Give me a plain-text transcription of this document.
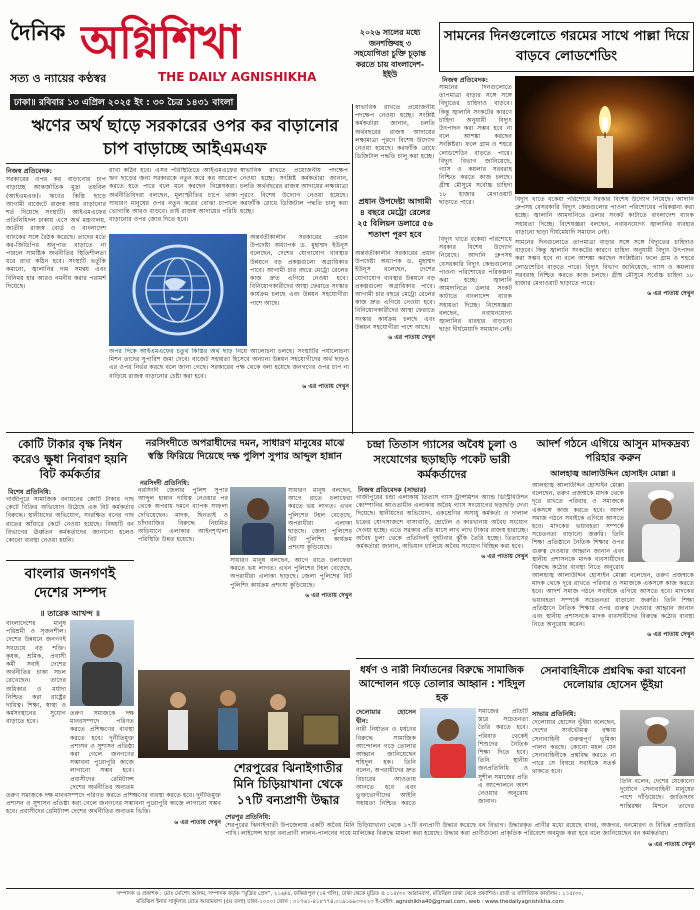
দৈনিক অগ্নিশিখা
সত্য ও ন্যায়ের কণ্ঠস্বর	THE DAILY AGNISHIKHA
ঢাকা॥ রবিবার ১৩ এপ্রিল ২০২৫ ইং : ৩০ চৈত্র ১৪৩১ বাংলা
২০২৬ সালের মধ্যে জনশক্তিবহ ৩ সহযোগিতা চুক্তি চূড়ান্ত করতে চায় বাংলাদেশ-ইইউ
ঋণের অর্থ ছাড়ে সরকারের ওপর কর বাড়ানোর চাপ বাড়াচ্ছে আইএমএফ
নিজস্ব প্রতিবেদক:
সরকারের ওপর কর বাড়ানোর চাপ বাড়াচ্ছে আন্তর্জাতিক মুদ্রা তহবিল (আইএমএফ)। ঋণের কিস্তি ছাড়ে আগামী বাজেটে রাজস্ব আয় বাড়ানোর শর্ত দিয়েছে সংস্থাটি। আইএমএফের প্রতিনিধিদল ঢাকায় এসে অর্থ মন্ত্রণালয়, জাতীয় রাজস্ব বোর্ড ও বাংলাদেশ ব্যাংকের সঙ্গে বৈঠক করেছে। তাদের মতে কর-জিডিপির অনুপাত বাড়াতে না পারলে সামষ্টিক অর্থনীতির স্থিতিশীলতা ধরে রাখা কঠিন হবে। সংস্থাটি ভর্তুকি কমানো, জ্বালানির দাম সমন্বয় এবং বিনিময় হার আরও নমনীয় করার পরামর্শ দিয়েছে।
রাখা কঠিন হবে। এসব পরিস্থিতিতে আইএমএফের ঋণ ছাড়ের জন্য সরকারকে নতুন করে কর আরোপ করতে হতে পারে বলে মনে করছেন বিশ্লেষকরা। অর্থনীতিবিদরা বলছেন, মূল্যস্ফীতির চাপে থাকা সাধারণ মানুষের ওপর নতুন করের বোঝা চাপালে ভোগান্তি আরও বাড়বে। তাই রাজস্ব আদায়ের পরিধি বাড়ানোর ওপর জোর দিতে হবে।
স্বাভাবিক রাখতে প্রয়োজনীয় পদক্ষেপ নেওয়া হচ্ছে। সংশ্লিষ্ট কর্মকর্তারা জানান, চলতি অর্থবছরের রাজস্ব আদায়ের লক্ষ্যমাত্রা পূরণে বিশেষ উদ্যোগ নেওয়া হয়েছে। করফাঁকি রোধে ডিজিটাল পদ্ধতি চালু করা হচ্ছে।
অন্তর্বর্তীকালীন সরকারের প্রধান উপদেষ্টা অধ্যাপক ড. মুহাম্মদ ইউনূস বলেছেন, দেশের যোগাযোগ ব্যবস্থার উন্নয়নে বড় প্রকল্পগুলো অগ্রাধিকার পাবে। আগামী চার বছরে মেট্রো রেলের কাজ দ্রুত এগিয়ে নেওয়া হবে। বিনিয়োগকারীদের আস্থা ফেরাতে সংস্কার কার্যক্রম চলছে এবং উন্নয়ন সহযোগীরা পাশে আছে।
অপর দিকে আইএমএফের চতুর্থ কিস্তির অর্থ ছাড় নিয়ে আলোচনা চলছে। সংস্থাটির পর্যালোচনা মিশন তাদের সুপারিশ জমা দেবে। বাজেট সহায়তা হিসেবে অন্যান্য উন্নয়ন সহযোগীদের অর্থ ছাড়ও এর ওপর নির্ভর করছে বলে জানা গেছে। সরকারের পক্ষ থেকে বলা হয়েছে জনগণের ওপর চাপ না বাড়িয়ে রাজস্ব বাড়ানোর চেষ্টা করা হবে।
৬ এর পাতায় দেখুন
স্বাভাবিক রাখতে প্রয়োজনীয় পদক্ষেপ নেওয়া হচ্ছে। সংশ্লিষ্ট কর্মকর্তারা জানান, চলতি অর্থবছরের রাজস্ব আদায়ের লক্ষ্যমাত্রা পূরণে বিশেষ উদ্যোগ নেওয়া হয়েছে। করফাঁকি রোধে ডিজিটাল পদ্ধতি চালু করা হচ্ছে।
প্রধান উপদেষ্টা আগামী ৪ বছরে মেট্রো রেলের ২৫ বিলিয়ন ডলারে ৫৬ শতাংশ পূরণ হবে
অন্তর্বর্তীকালীন সরকারের প্রধান উপদেষ্টা অধ্যাপক ড. মুহাম্মদ ইউনূস বলেছেন, দেশের যোগাযোগ ব্যবস্থার উন্নয়নে বড় প্রকল্পগুলো অগ্রাধিকার পাবে। আগামী চার বছরে মেট্রো রেলের কাজ দ্রুত এগিয়ে নেওয়া হবে। বিনিয়োগকারীদের আস্থা ফেরাতে সংস্কার কার্যক্রম চলছে এবং উন্নয়ন সহযোগীরা পাশে আছে।
৬ এর পাতায় দেখুন
সামনের দিনগুলোতে গরমের সাথে পাল্লা দিয়ে বাড়বে লোডশেডিং
নিজস্ব প্রতিবেদক:
সামনের দিনগুলোতে তাপমাত্রা বাড়ার সঙ্গে সঙ্গে বিদ্যুতের চাহিদাও বাড়বে। কিন্তু জ্বালানি সংকটের কারণে চাহিদা অনুযায়ী বিদ্যুৎ উৎপাদন করা সম্ভব হবে না বলে আশঙ্কা করছেন সংশ্লিষ্টরা। ফলে গ্রাম ও শহরে লোডশেডিং বাড়তে পারে। বিদ্যুৎ বিভাগ জানিয়েছে, গ্যাস ও কয়লার সরবরাহ নিশ্চিত করতে কাজ চলছে। গ্রীষ্ম মৌসুমে সর্বোচ্চ চাহিদা ১৮ হাজার মেগাওয়াট ছাড়াতে পারে।	বিদ্যুৎ খাতে বকেয়া পরিশোধে সরকার বিশেষ উদ্যোগ নিয়েছে। আদানি গ্রুপসহ বেসরকারি বিদ্যুৎ কেন্দ্রগুলোর পাওনা পরিশোধের পরিকল্পনা করা হচ্ছে। জ্বালানি আমদানিতে ডলার সংকট কাটাতে বাংলাদেশ ব্যাংক সহায়তা দিচ্ছে। বিশেষজ্ঞরা বলছেন, নবায়নযোগ্য জ্বালানির ব্যবহার বাড়ানো ছাড়া দীর্ঘমেয়াদি সমাধান নেই।
সামনের দিনগুলোতে তাপমাত্রা বাড়ার সঙ্গে সঙ্গে বিদ্যুতের চাহিদাও বাড়বে। কিন্তু জ্বালানি সংকটের কারণে চাহিদা অনুযায়ী বিদ্যুৎ উৎপাদন করা সম্ভব হবে না বলে আশঙ্কা করছেন সংশ্লিষ্টরা। ফলে গ্রাম ও শহরে লোডশেডিং বাড়তে পারে। বিদ্যুৎ বিভাগ জানিয়েছে, গ্যাস ও কয়লার সরবরাহ নিশ্চিত করতে কাজ চলছে। গ্রীষ্ম মৌসুমে সর্বোচ্চ চাহিদা ১৮ হাজার মেগাওয়াট ছাড়াতে পারে।
৬ এর পাতায় দেখুন
বিদ্যুৎ খাতে বকেয়া পরিশোধে সরকার বিশেষ উদ্যোগ নিয়েছে। আদানি গ্রুপসহ বেসরকারি বিদ্যুৎ কেন্দ্রগুলোর পাওনা পরিশোধের পরিকল্পনা করা হচ্ছে। জ্বালানি আমদানিতে ডলার সংকট কাটাতে বাংলাদেশ ব্যাংক সহায়তা দিচ্ছে। বিশেষজ্ঞরা বলছেন, নবায়নযোগ্য জ্বালানির ব্যবহার বাড়ানো ছাড়া দীর্ঘমেয়াদি সমাধান নেই।
কোটি টাকার বৃক্ষ নিধন করেও ক্ষুধা নিবারণ হয়নি বিট কর্মকর্তার
বিশেষ প্রতিনিধি:
গাজীপুরে সামাজিক বনায়নের কোটি টাকার গাছ কেটে বিক্রির অভিযোগ উঠেছে এক বিট কর্মকর্তার বিরুদ্ধে। স্থানীয়দের অভিযোগ, সংরক্ষিত বনের গাছ রাতের আঁধারে কেটে নেওয়া হয়েছে। বিষয়টি বন বিভাগের ঊর্ধ্বতন কর্মকর্তাদের জানানো হলেও কোনো ব্যবস্থা নেওয়া হয়নি।
নরসিংদীতে অপরাধীদের দমন, সাধারণ মানুষের মাঝে স্বস্তি ফিরিয়ে দিয়েছে দক্ষ পুলিশ সুপার আব্দুল হান্নান
নরসিংদী প্রতিনিধি:
নরসিংদী জেলার পুলিশ সুপার আব্দুল হান্নান দায়িত্ব নেওয়ার পর থেকে অপরাধ দমনে ব্যাপক সাফল্য দেখিয়েছেন। মাদক, ছিনতাই ও চাঁদাবাজির বিরুদ্ধে নিয়মিত অভিযানে এলাকার আইনশৃঙ্খলা পরিস্থিতি উন্নত হয়েছে।
সাধারণ মানুষ বলছেন, আগে রাতে চলাফেরা করতে ভয় লাগত। এখন পুলিশের টহল বেড়েছে, অপরাধীরা এলাকা ছাড়ছে। জেলা পুলিশের বিট পুলিশিং কার্যক্রম প্রশংসা কুড়িয়েছে।
৬ এর পাতায় দেখুন
সাধারণ মানুষ বলছেন, আগে রাতে চলাফেরা করতে ভয় লাগত। এখন পুলিশের টহল বেড়েছে, অপরাধীরা এলাকা ছাড়ছে। জেলা পুলিশের বিট পুলিশিং কার্যক্রম প্রশংসা কুড়িয়েছে।
চন্দ্রা তিতাস গ্যাসের অবৈধ চুলা ও সংযোগের ছড়াছড়ি পকেট ভারী কর্মকর্তাদের
নিজস্ব প্রতিবেদক (সাভার)
গাজীপুরের চন্দ্রা এলাকায় তিতাস গ্যাস ট্রান্সমিশন অ্যান্ড ডিস্ট্রিবিউশন কোম্পানির আওতাধীন এলাকায় অবৈধ গ্যাস সংযোগের ছড়াছড়ি দেখা দিয়েছে। স্থানীয়দের অভিযোগ, একশ্রেণির অসাধু কর্মকর্তা ও দালাল চক্রের যোগসাজশে বাসাবাড়ি, হোটেল ও কারখানায় অবৈধ সংযোগ দেওয়া হচ্ছে। এতে সরকার প্রতি মাসে লাখ লাখ টাকার রাজস্ব হারাচ্ছে। অবৈধ চুলা থেকে প্রতিদিনই দুর্ঘটনার ঝুঁকি তৈরি হচ্ছে। তিতাসের কর্মকর্তারা জানান, অভিযান চালিয়ে অবৈধ সংযোগ বিচ্ছিন্ন করা হবে।
৬ এর পাতায় দেখুন
আদর্শ গঠনে এগিয়ে আসুন মাদকদ্রব্য পরিহার করুন
আলহাজ্ব আলাউদ্দিন হোসাইন মোল্লা ॥
আলহাজ্ব আলাউদ্দিন হোসাইন মোল্লা বলেছেন, তরুণ প্রজন্মকে মাদক থেকে দূরে রাখতে পরিবার ও সমাজকে একসঙ্গে কাজ করতে হবে। আদর্শ সমাজ গঠনে সবাইকে এগিয়ে আসতে হবে। মাদকের ভয়াবহতা সম্পর্কে সচেতনতা বাড়ানো জরুরি। তিনি শিক্ষা প্রতিষ্ঠানে নৈতিক শিক্ষার ওপর গুরুত্ব দেওয়ার আহ্বান জানান এবং স্থানীয় প্রশাসনকে মাদক ব্যবসায়ীদের বিরুদ্ধে কঠোর ব্যবস্থা নিতে অনুরোধ
আলহাজ্ব আলাউদ্দিন হোসাইন মোল্লা বলেছেন, তরুণ প্রজন্মকে মাদক থেকে দূরে রাখতে পরিবার ও সমাজকে একসঙ্গে কাজ করতে হবে। আদর্শ সমাজ গঠনে সবাইকে এগিয়ে আসতে হবে। মাদকের ভয়াবহতা সম্পর্কে সচেতনতা বাড়ানো জরুরি। তিনি শিক্ষা প্রতিষ্ঠানে নৈতিক শিক্ষার ওপর গুরুত্ব দেওয়ার আহ্বান জানান এবং স্থানীয় প্রশাসনকে মাদক ব্যবসায়ীদের বিরুদ্ধে কঠোর ব্যবস্থা নিতে অনুরোধ করেন।
৬ এর পাতায় দেখুন
বাংলার জনগণই দেশের সম্পদ
॥ তারেক আখন্দ ॥
বাংলাদেশের মানুষ পরিশ্রমী ও সৃজনশীল। দেশের উন্নয়নে জনগণই সবচেয়ে বড় শক্তি। কৃষক, শ্রমিক, প্রবাসী কর্মী সবাই দেশের অর্থনীতির চাকা সচল রেখেছেন। তাদের অধিকার ও মর্যাদা নিশ্চিত করা রাষ্ট্রের দায়িত্ব। শিক্ষা, স্বাস্থ্য ও কর্মসংস্থানের সুযোগ বাড়াতে হবে।
তরুণ সমাজকে দক্ষ মানবসম্পদে পরিণত করতে প্রশিক্ষণের ব্যবস্থা করতে হবে। দুর্নীতিমুক্ত প্রশাসন ও সুশাসন প্রতিষ্ঠা করা গেলে জনগণের সম্ভাবনা পুরোপুরি কাজে লাগানো সম্ভব হবে। প্রবাসীদের রেমিট্যান্স দেশের অর্থনীতির অন্যতম ভিত্তি।
৬ এর পাতায় দেখুন
তরুণ সমাজকে দক্ষ মানবসম্পদে পরিণত করতে প্রশিক্ষণের ব্যবস্থা করতে হবে। দুর্নীতিমুক্ত প্রশাসন ও সুশাসন প্রতিষ্ঠা করা গেলে জনগণের সম্ভাবনা পুরোপুরি কাজে লাগানো সম্ভব হবে। প্রবাসীদের রেমিট্যান্স দেশের অর্থনীতির অন্যতম
শেরপুরের ঝিনাইগাতীর মিনি চিড়িয়াখানা থেকে ১৭টি বন্যপ্রাণী উদ্ধার
শেরপুর প্রতিনিধি:
শেরপুরের ঝিনাইগাতী উপজেলায় একটি অবৈধ মিনি চিড়িয়াখানা থেকে ১৭টি বন্যপ্রাণী উদ্ধার করেছে বন বিভাগ। উদ্ধারকৃত প্রাণীর মধ্যে রয়েছে বানর, অজগর, বনমোরগ ও বিভিন্ন প্রজাতির পাখি। লাইসেন্স ছাড়া বন্যপ্রাণী লালন-পালনের দায়ে মালিকের বিরুদ্ধে মামলা করা হয়েছে। উদ্ধার করা প্রাণীগুলো প্রাকৃতিক পরিবেশে অবমুক্ত করা হবে বলে জানিয়েছেন বন কর্মকর্তারা।
৬ এর পাতায় দেখুন
ধর্ষণ ও নারী নির্যাতনের বিরুদ্ধে সামাজিক আন্দোলন গড়ে তোলার আহ্বান : শহিদুল হক
দেলোয়ার হোসেন দ্বীন:
নারী নির্যাতন ও ধর্ষণের বিরুদ্ধে সামাজিক আন্দোলন গড়ে তোলার আহ্বান জানিয়েছেন শহিদুল হক। তিনি বলেন, অপরাধীদের দ্রুত বিচারের আওতায় আনতে হবে এবং ভুক্তভোগীদের আইনি সহায়তা নিশ্চিত করতে
সমাজের প্রতিটি স্তরে সচেতনতা তৈরি করতে হবে। পরিবার থেকেই শিশুদের নৈতিক শিক্ষা দিতে হবে। তিনি স্থানীয় জনপ্রতিনিধি ও সুশীল সমাজের প্রতি এ আন্দোলনে অংশ নেওয়ার অনুরোধ জানান।
সেনাবাহিনীকে প্রশ্নবিদ্ধ করা যাবেনা দেলোয়ার হোসেন ভূঁইয়া
সাভার প্রতিনিধি:
দেলোয়ার হোসেন ভূঁইয়া বলেছেন, দেশের সার্বভৌমত্ব রক্ষায় সেনাবাহিনী গুরুত্বপূর্ণ ভূমিকা পালন করছে। কোনো মহল যেন সেনাবাহিনীকে প্রশ্নবিদ্ধ করতে না পারে সে বিষয়ে সবাইকে সতর্ক থাকতে হবে।
তিনি বলেন, দেশের যেকোনো দুর্যোগে সেনাবাহিনী মানুষের পাশে দাঁড়িয়েছে। জাতিসংঘ শান্তিরক্ষা মিশনে তাদের
সম্পাদক ও প্রকাশক : মোঃ মোশেদ আলম, সম্পাদক কর্তৃক “মুদ্রিত প্রেস”, ২১৬/এ, ফকিরাপুল (১ম গলি), ঢাকা থেকে মুদ্রিত ও ১১৫/৩০ আরামবাগ, মতিঝিল ঢাকা থেকে প্রকাশিত। বার্তা ও বাণিজ্যিক কার্যালয় : ১১৫/৩০,
মতিঝিল ইনার সার্কুলার রোড আরামবাগ (৫ম তলা) ঢাকা-১০০০। ফোন : ০১৭৬১-৪১৮৭৭৪,০১৯১৬৯৩৩২২৩ ই-মেইল: agnishikha40@gmail.com, web : www.thedailyagnishikha.com
